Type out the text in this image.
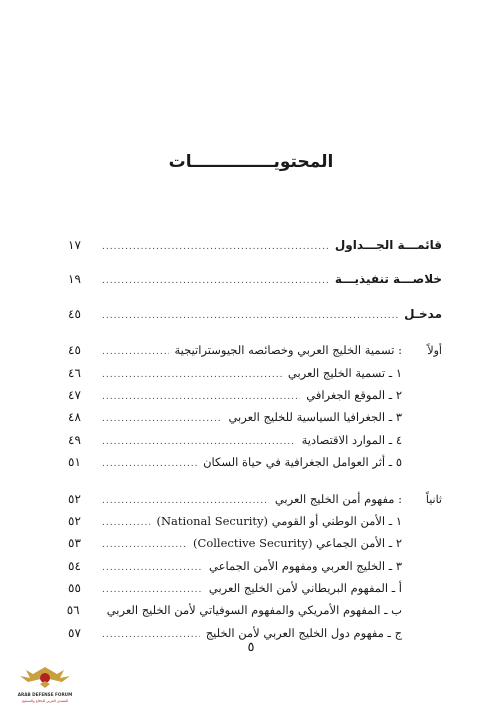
المحتويــــــــــــــات
قائمـــة الجـــداول
.....
١٧
خلاصـــة تنفيذيـــة
.....
١٩
مدخـل
.....
٤٥
أولاً
: تسمية الخليج العربي وخصائصه الجيوستراتيجية
.....
٤٥
١ ـ تسمية الخليج العربي
.....
٤٦
٢ ـ الموقع الجغرافي
.....
٤٧
٣ ـ الجغرافيا السياسية للخليج العربي
.....
٤٨
٤ ـ الموارد الاقتصادية
.....
٤٩
٥ ـ أثر العوامل الجغرافية في حياة السكان
.....
٥١
ثانياً
: مفهوم أمن الخليج العربي
.....
٥٢
١ ـ الأمن الوطني أو القومي (National Security)
.....
٥٢
٢ ـ الأمن الجماعي (Collective Security)
.....
٥٣
٣ ـ الخليج العربي ومفهوم الأمن الجماعي
.....
٥٤
أ ـ المفهوم البريطاني لأمن الخليج العربي
.....
٥٥
ب ـ المفهوم الأمريكي والمفهوم السوفياتي لأمن الخليج العربي
٥٦
ج ـ مفهوم دول الخليج العربي لأمن الخليج
.....
٥٧
٥
ARAB DEFENSE FORUM
المنتدى العربي للدفاع والتسليح
